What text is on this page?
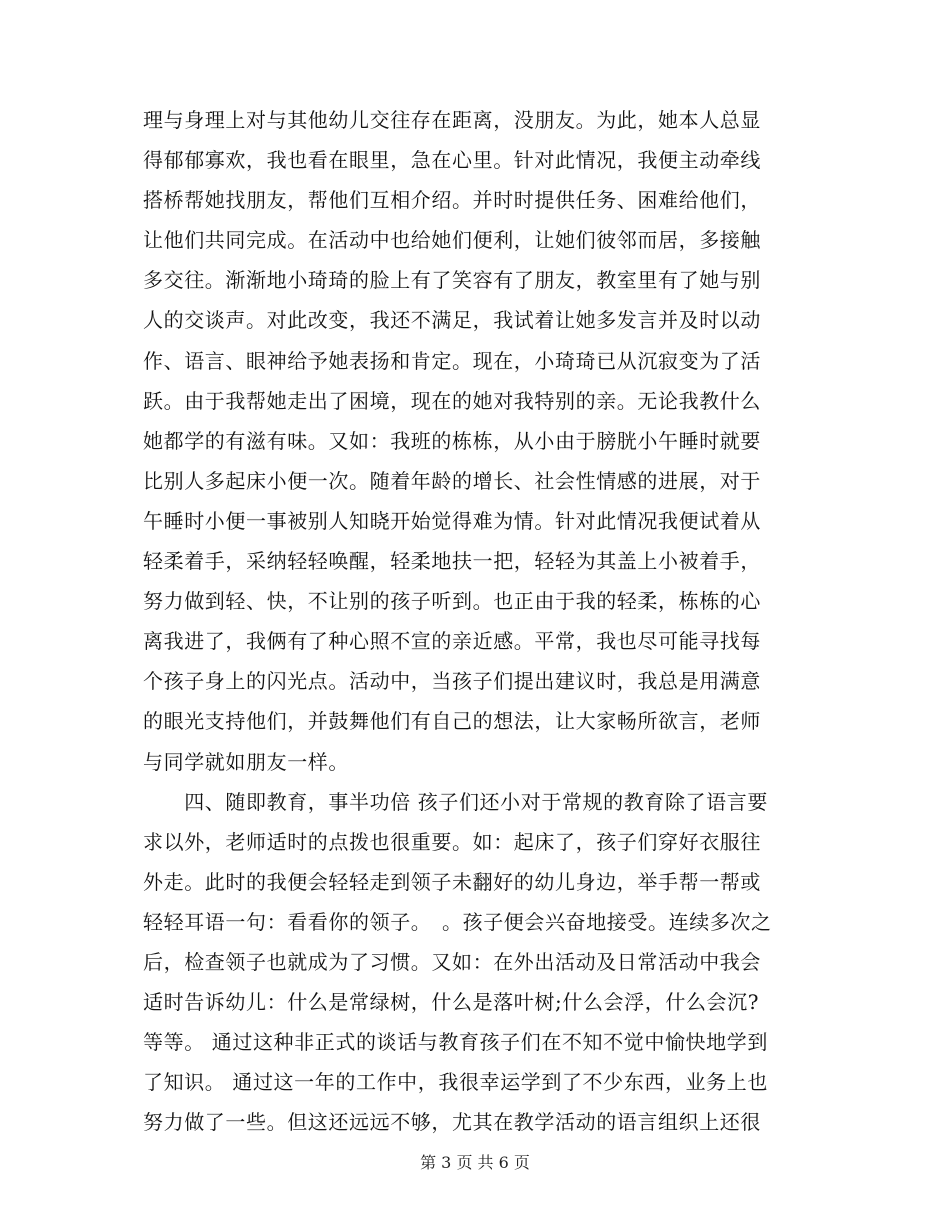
理与身理上对与其他幼儿交往存在距离，没朋友。为此，她本人总显
得郁郁寡欢，我也看在眼里，急在心里。针对此情况，我便主动牵线
搭桥帮她找朋友，帮他们互相介绍。并时时提供任务、困难给他们，
让他们共同完成。在活动中也给她们便利，让她们彼邻而居，多接触
多交往。渐渐地小琦琦的脸上有了笑容有了朋友，教室里有了她与别
人的交谈声。对此改变，我还不满足，我试着让她多发言并及时以动
作、语言、眼神给予她表扬和肯定。现在，小琦琦已从沉寂变为了活
跃。由于我帮她走出了困境，现在的她对我特别的亲。无论我教什么
她都学的有滋有味。又如：我班的栋栋，从小由于膀胱小午睡时就要
比别人多起床小便一次。随着年龄的增长、社会性情感的进展，对于
午睡时小便一事被别人知晓开始觉得难为情。针对此情况我便试着从
轻柔着手，采纳轻轻唤醒，轻柔地扶一把，轻轻为其盖上小被着手，
努力做到轻、快，不让别的孩子听到。也正由于我的轻柔，栋栋的心
离我进了，我俩有了种心照不宣的亲近感。平常，我也尽可能寻找每
个孩子身上的闪光点。活动中，当孩子们提出建议时，我总是用满意
的眼光支持他们，并鼓舞他们有自己的想法，让大家畅所欲言，老师
与同学就如朋友一样。
　　四、随即教育，事半功倍 孩子们还小对于常规的教育除了语言要
求以外，老师适时的点拨也很重要。如：起床了，孩子们穿好衣服往
外走。此时的我便会轻轻走到领子未翻好的幼儿身边，举手帮一帮或
轻轻耳语一句：看看你的领子。　。孩子便会兴奋地接受。连续多次之
后，检查领子也就成为了习惯。又如：在外出活动及日常活动中我会
适时告诉幼儿：什么是常绿树，什么是落叶树;什么会浮，什么会沉?
等等。 通过这种非正式的谈话与教育孩子们在不知不觉中愉快地学到
了知识。 通过这一年的工作中，我很幸运学到了不少东西，业务上也
努力做了一些。但这还远远不够，尤其在教学活动的语言组织上还很
第 3 页 共 6 页
